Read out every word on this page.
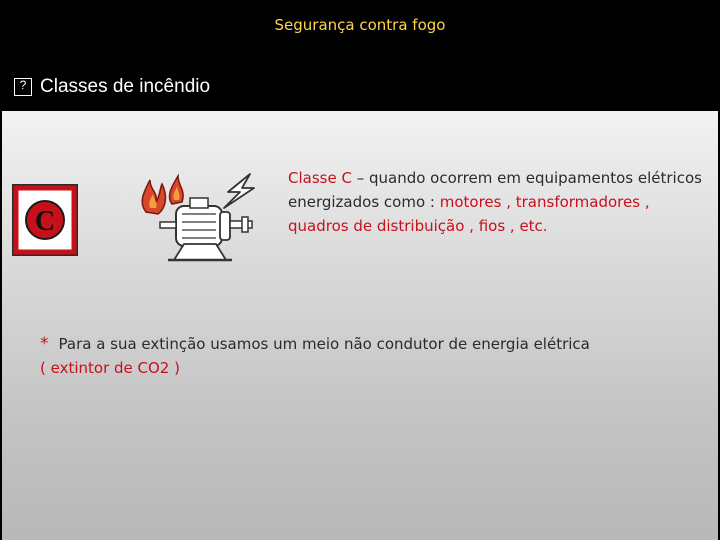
Segurança contra fogo
? Classes de incêndio
C
Classe C – quando ocorrem em equipamentos elétricos energizados como : motores , transformadores , quadros de distribuição , fios , etc.
* Para a sua extinção usamos um meio não condutor de energia elétrica
( extintor de CO2 )
